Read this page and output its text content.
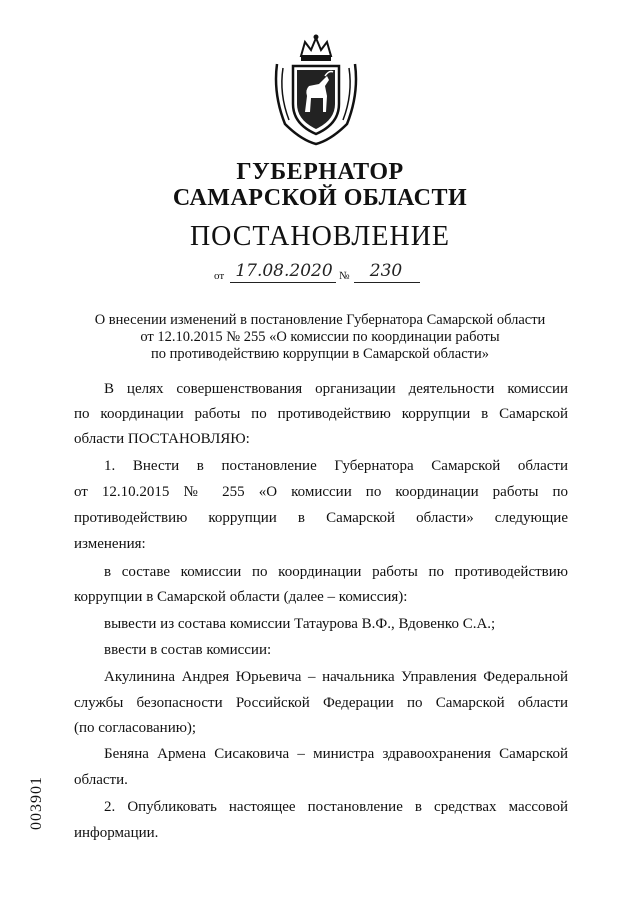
ГУБЕРНАТОР
САМАРСКОЙ ОБЛАСТИ
ПОСТАНОВЛЕНИЕ
от 17.08.2020 №	230
О внесении изменений в постановление Губернатора Самарской области
от 12.10.2015 № 255 «О комиссии по координации работы
по противодействию коррупции в Самарской области»
В целях совершенствования организации деятельности комиссии
по координации работы по противодействию коррупции в Самарской
области ПОСТАНОВЛЯЮ:
1. Внести в постановление Губернатора Самарской области
от 12.10.2015 № 255 «О комиссии по координации работы по
противодействию коррупции в Самарской области» следующие
изменения:
в составе комиссии по координации работы по противодействию
коррупции в Самарской области (далее – комиссия):
вывести из состава комиссии Татаурова В.Ф., Вдовенко С.А.;
ввести в состав комиссии:
Акулинина Андрея Юрьевича – начальника Управления Федеральной
службы безопасности Российской Федерации по Самарской области
(по согласованию);
Беняна Армена Сисаковича – министра здравоохранения Самарской
области.
2. Опубликовать настоящее постановление в средствах массовой
информации.
003901
